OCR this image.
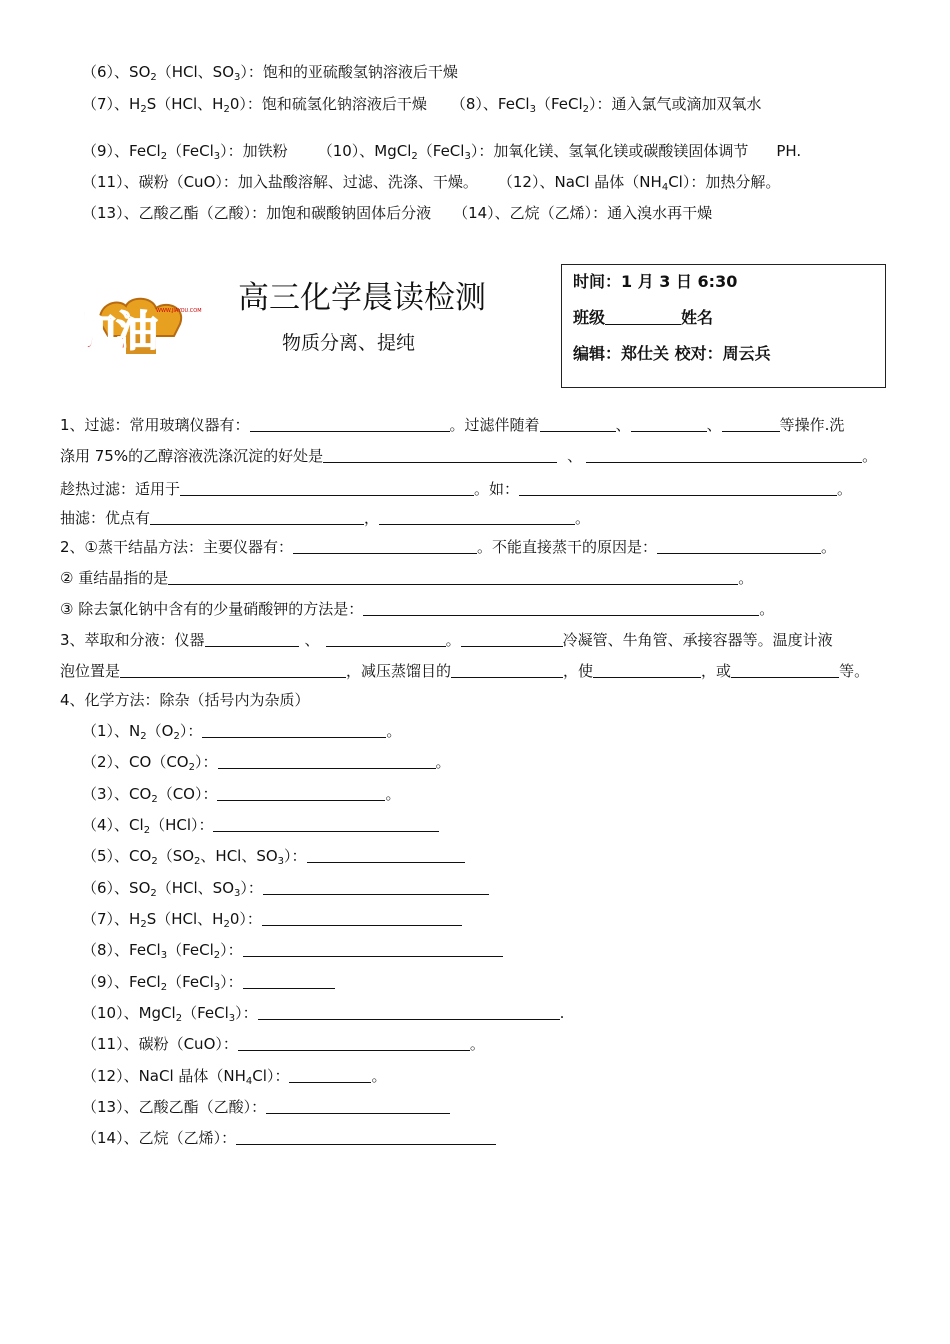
（6）、$SO_2(HCl$、$SO_3$）：饱和的亚硫酸氢钠溶液后干燥
（7）、$H_2S(HCl$、$H_20$）：饱和硫氢化钠溶液后干燥 （8）、FeCl$_3$（FeCl$_2$）：通入氯气或滴加双氧水
（9）、FeCl$_2$（FeCl$_3$）：加铁粉 （10）、MgCl$_2$（FeCl$_3$）：加氧化镁、氢氧化镁或碳酸镁固体调节 PH.
（11）、碳粉（CuO）：加入盐酸溶解、过滤、洗涤、干燥。 （12）、NaCl 晶体$(NH_4Cl)$：加热分解。
（13）、乙酸乙酯（乙酸）：加饱和碳酸钠固体后分液 （14）、乙烷（乙烯）：通入溴水再干燥
加油
WWW.JIAYOU.COM 高三化学晨读检测
物质分离、提纯
时间：1 月 3 日 6:30
班级	姓名
编辑：郑仕关 校对：周云兵
1、过滤：常用玻璃仪器有：	。过滤伴随着	、	、	等操作.洗
涤用 75%的乙醇溶液洗涤沉淀的好处是	、	。
趁热过滤：适用于	。如：	。
抽滤：优点有	，	。
2、①蒸干结晶方法：主要仪器有：	。不能直接蒸干的原因是：	。
② 重结晶指的是	。
③ 除去氯化钠中含有的少量硝酸钾的方法是：	。
3、萃取和分液：仪器	、	。	冷凝管、牛角管、承接容器等。温度计液
泡位置是	，减压蒸馏目的	，使	，或	等。
4、化学方法：除杂（括号内为杂质）
（1）、$N_2(O_2)$：	。
（2）、$CO(CO_2)$：	。
（3）、$CO_2(CO)$：	。
（4）、$Cl_2(HCl)$：
（5）、$CO_2(SO_2$、HCl、$SO_3$）：
（6）、$SO_2(HCl$、$SO_3$）：
（7）、$H_2S(HCl$、$H_20$）：
（8）、FeCl$_3$（FeCl$_2$）：
（9）、FeCl$_2$（FeCl$_3$）：
（10）、MgCl$_2$（FeCl$_3$）：	.
（11）、碳粉（CuO）：	。
（12）、NaCl 晶体$(NH_4Cl)$：	。
（13）、乙酸乙酯（乙酸）：
（14）、乙烷（乙烯）：
